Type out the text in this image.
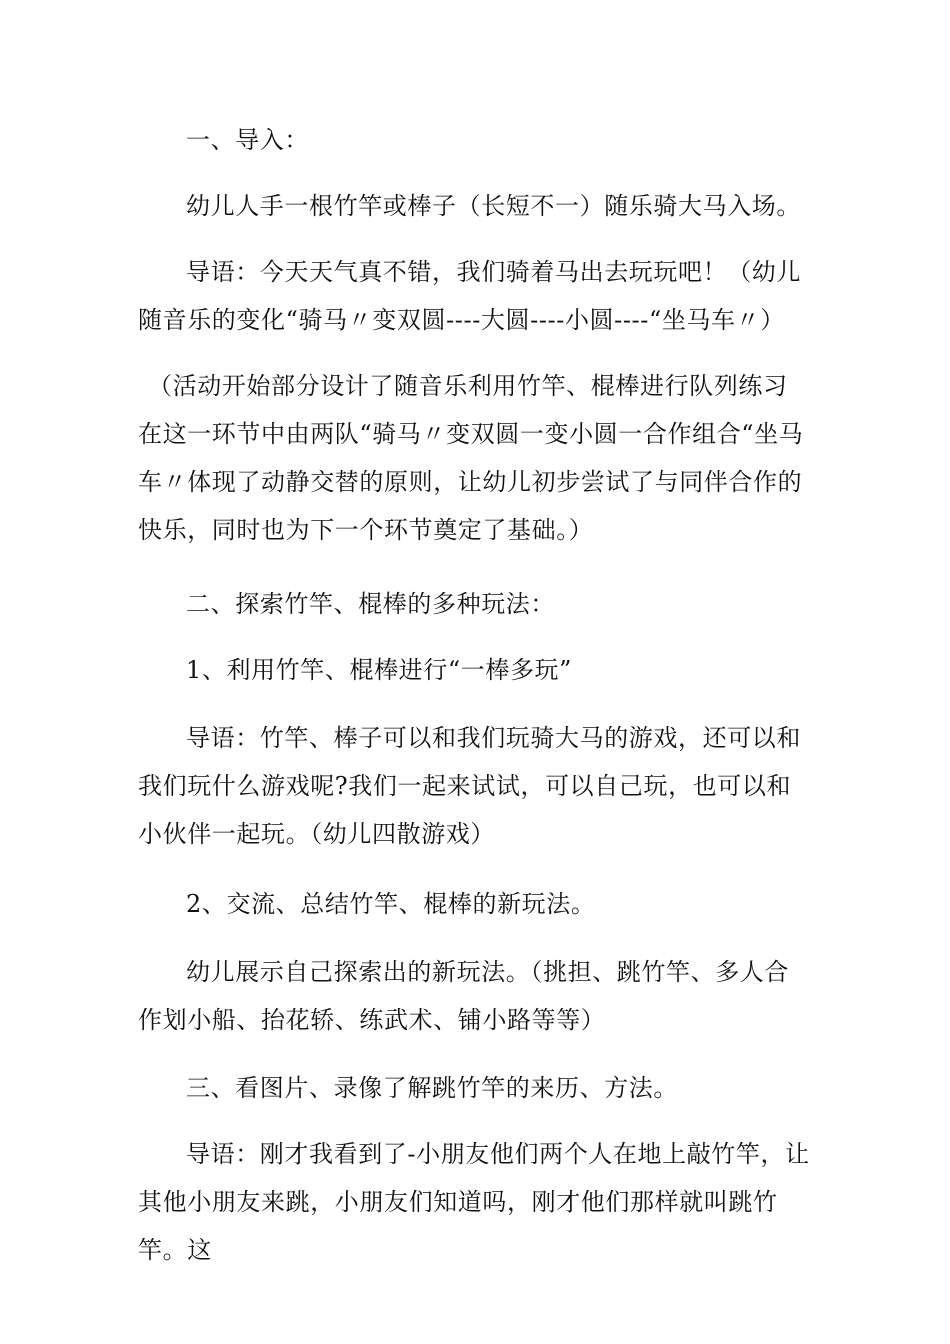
一、导入：

幼儿人手一根竹竿或棒子（长短不一）随乐骑大马入场。

导语：今天天气真不错，我们骑着马出去玩玩吧！（幼儿随音乐的变化“骑马〃变双圆----大圆----小圆----“坐马车〃）

（活动开始部分设计了随音乐利用竹竿、棍棒进行队列练习在这一环节中由两队“骑马〃变双圆一变小圆一合作组合“坐马车〃体现了动静交替的原则，让幼儿初步尝试了与同伴合作的快乐，同时也为下一个环节奠定了基础。）

二、探索竹竿、棍棒的多种玩法：

1、利用竹竿、棍棒进行“一棒多玩”

导语：竹竿、棒子可以和我们玩骑大马的游戏，还可以和我们玩什么游戏呢?我们一起来试试，可以自己玩，也可以和小伙伴一起玩。（幼儿四散游戏）

2、交流、总结竹竿、棍棒的新玩法。

幼儿展示自己探索出的新玩法。（挑担、跳竹竿、多人合作划小船、抬花轿、练武术、铺小路等等）

三、看图片、录像了解跳竹竿的来历、方法。

导语：刚才我看到了-小朋友他们两个人在地上敲竹竿，让其他小朋友来跳，小朋友们知道吗，刚才他们那样就叫跳竹竿。这
